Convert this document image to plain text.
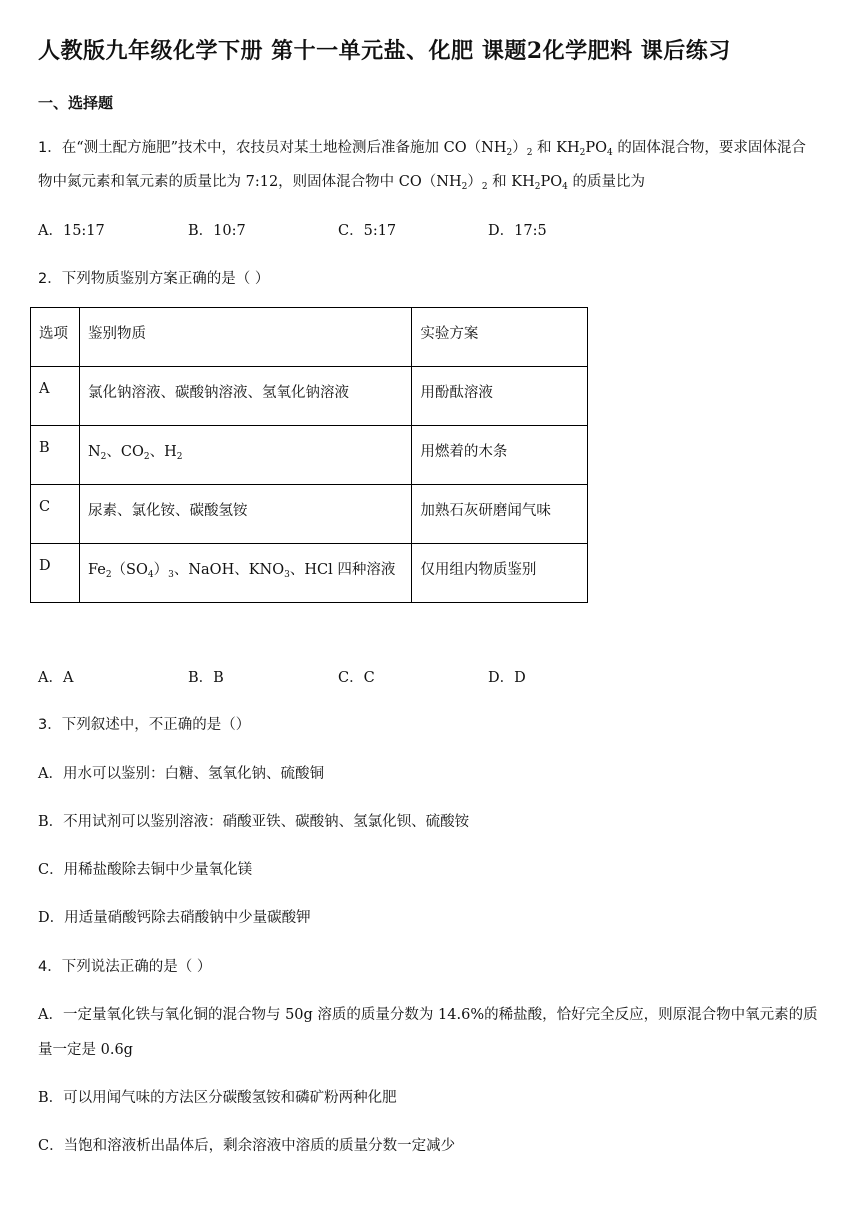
人教版九年级化学下册 第十一单元盐、化肥 课题2化学肥料 课后练习
一、选择题
1．在“测土配方施肥”技术中，农技员对某土地检测后准备施加 $CO(NH_2)_2$ 和 $KH_2PO_4$ 的固体混合物，要求固体混合
物中氮元素和氧元素的质量比为 7:12，则固体混合物中 $CO(NH_2)_2$ 和 $KH_2PO_4$ 的质量比为
A．15:17	B．10:7	C．5:17	D．17:5
2．下列物质鉴别方案正确的是（ ）
选项	鉴别物质	实验方案
A	氯化钠溶液、碳酸钠溶液、氢氧化钠溶液	用酚酞溶液
B	$N_2$、$CO_2$、$H_2$	用燃着的木条
C	尿素、氯化铵、碳酸氢铵	加熟石灰研磨闻气味
D	$Fe_2(SO_4)_3$、NaOH、$KNO_3$、HCl 四种溶液	仅用组内物质鉴别
A．A	B．B	C．C	D．D
3．下列叙述中，不正确的是（）
A．用水可以鉴别：白糖、氢氧化钠、硫酸铜
B．不用试剂可以鉴别溶液：硝酸亚铁、碳酸钠、氢氯化钡、硫酸铵
C．用稀盐酸除去铜中少量氧化镁
D．用适量硝酸钙除去硝酸钠中少量碳酸钾
4．下列说法正确的是（ ）
A．一定量氧化铁与氧化铜的混合物与 50g 溶质的质量分数为 14.6%的稀盐酸，恰好完全反应，则原混合物中氧元素的质
量一定是 0.6g
B．可以用闻气味的方法区分碳酸氢铵和磷矿粉两种化肥
C．当饱和溶液析出晶体后，剩余溶液中溶质的质量分数一定减少
